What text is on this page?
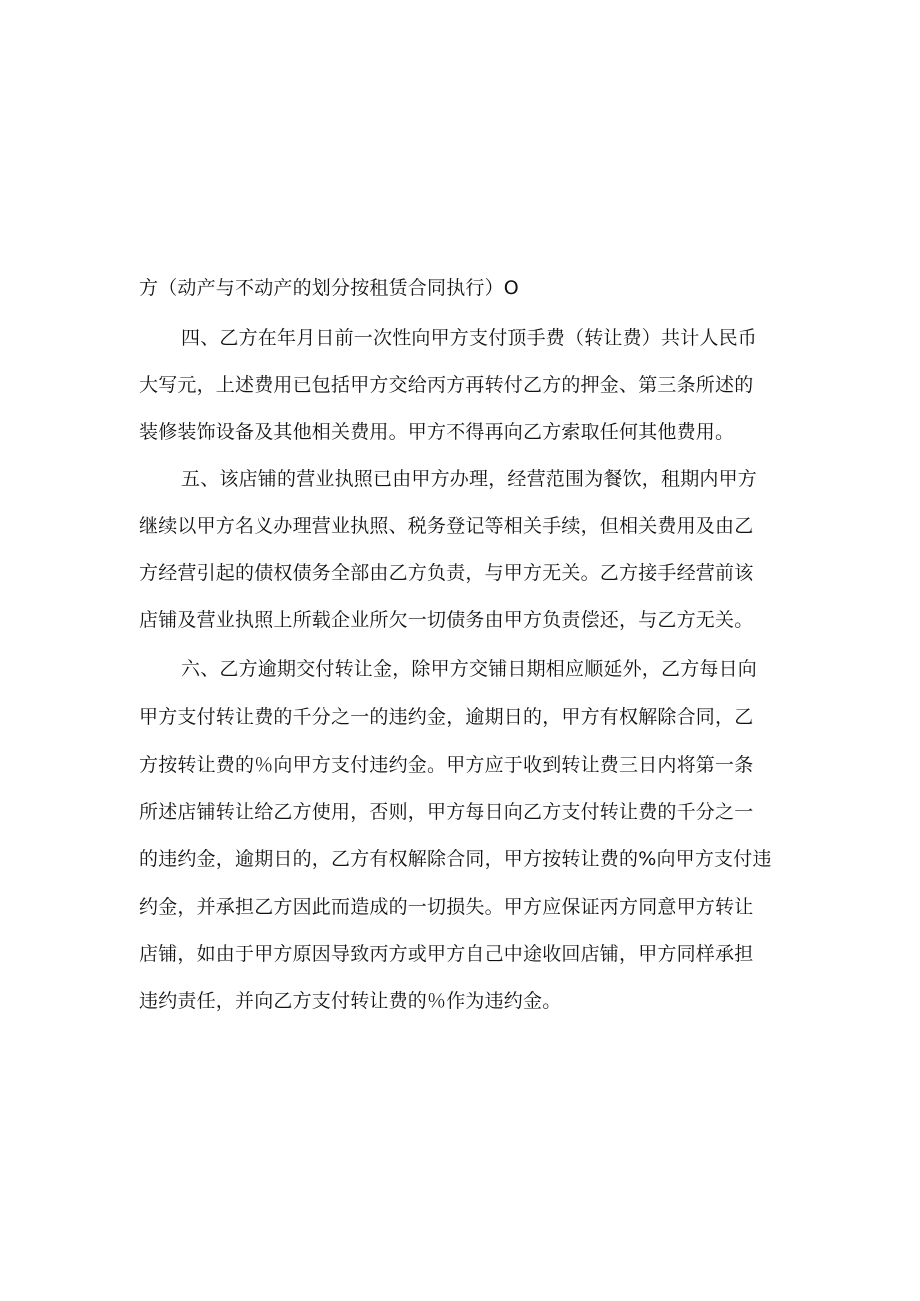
方（动产与不动产的划分按租赁合同执行）O
四、乙方在年月日前一次性向甲方支付顶手费（转让费）共计人民币
大写元，上述费用已包括甲方交给丙方再转付乙方的押金、第三条所述的
装修装饰设备及其他相关费用。甲方不得再向乙方索取任何其他费用。
五、该店铺的营业执照已由甲方办理，经营范围为餐饮，租期内甲方
继续以甲方名义办理营业执照、税务登记等相关手续，但相关费用及由乙
方经营引起的债权债务全部由乙方负责，与甲方无关。乙方接手经营前该
店铺及营业执照上所载企业所欠一切债务由甲方负责偿还，与乙方无关。
六、乙方逾期交付转让金，除甲方交铺日期相应顺延外，乙方每日向
甲方支付转让费的千分之一的违约金，逾期日的，甲方有权解除合同，乙
方按转让费的％向甲方支付违约金。甲方应于收到转让费三日内将第一条
所述店铺转让给乙方使用，否则，甲方每日向乙方支付转让费的千分之一
的违约金，逾期日的，乙方有权解除合同，甲方按转让费的%向甲方支付违
约金，并承担乙方因此而造成的一切损失。甲方应保证丙方同意甲方转让
店铺，如由于甲方原因导致丙方或甲方自己中途收回店铺，甲方同样承担
违约责任，并向乙方支付转让费的％作为违约金。
